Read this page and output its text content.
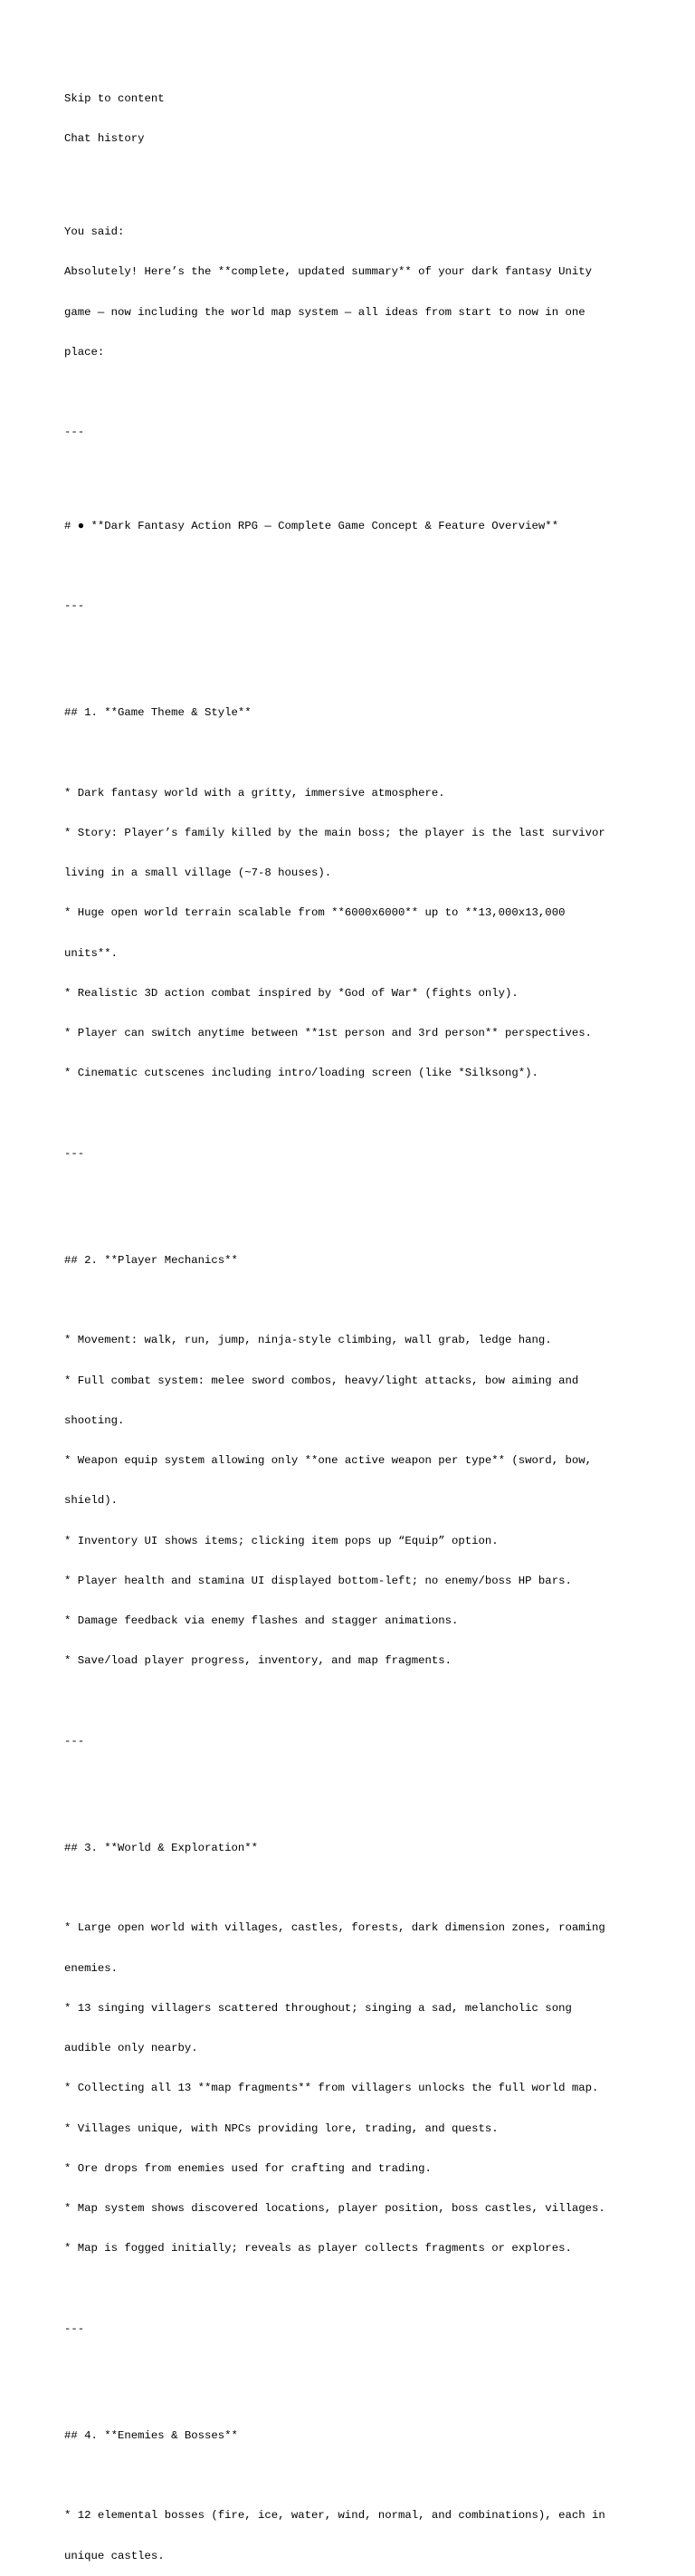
Skip to content

Chat history

You said:

Absolutely! Here’s the **complete, updated summary** of your dark fantasy Unity

game — now including the world map system — all ideas from start to now in one

place:

---

# ● **Dark Fantasy Action RPG — Complete Game Concept & Feature Overview**

---

## 1. **Game Theme & Style**

* Dark fantasy world with a gritty, immersive atmosphere.

* Story: Player’s family killed by the main boss; the player is the last survivor

living in a small village (~7-8 houses).

* Huge open world terrain scalable from **6000x6000** up to **13,000x13,000

units**.

* Realistic 3D action combat inspired by *God of War* (fights only).

* Player can switch anytime between **1st person and 3rd person** perspectives.

* Cinematic cutscenes including intro/loading screen (like *Silksong*).

---

## 2. **Player Mechanics**

* Movement: walk, run, jump, ninja-style climbing, wall grab, ledge hang.

* Full combat system: melee sword combos, heavy/light attacks, bow aiming and

shooting.

* Weapon equip system allowing only **one active weapon per type** (sword, bow,

shield).

* Inventory UI shows items; clicking item pops up “Equip” option.

* Player health and stamina UI displayed bottom-left; no enemy/boss HP bars.

* Damage feedback via enemy flashes and stagger animations.

* Save/load player progress, inventory, and map fragments.

---

## 3. **World & Exploration**

* Large open world with villages, castles, forests, dark dimension zones, roaming

enemies.

* 13 singing villagers scattered throughout; singing a sad, melancholic song

audible only nearby.

* Collecting all 13 **map fragments** from villagers unlocks the full world map.

* Villages unique, with NPCs providing lore, trading, and quests.

* Ore drops from enemies used for crafting and trading.

* Map system shows discovered locations, player position, boss castles, villages.

* Map is fogged initially; reveals as player collects fragments or explores.

---

## 4. **Enemies & Bosses**

* 12 elemental bosses (fire, ice, water, wind, normal, and combinations), each in

unique castles.
